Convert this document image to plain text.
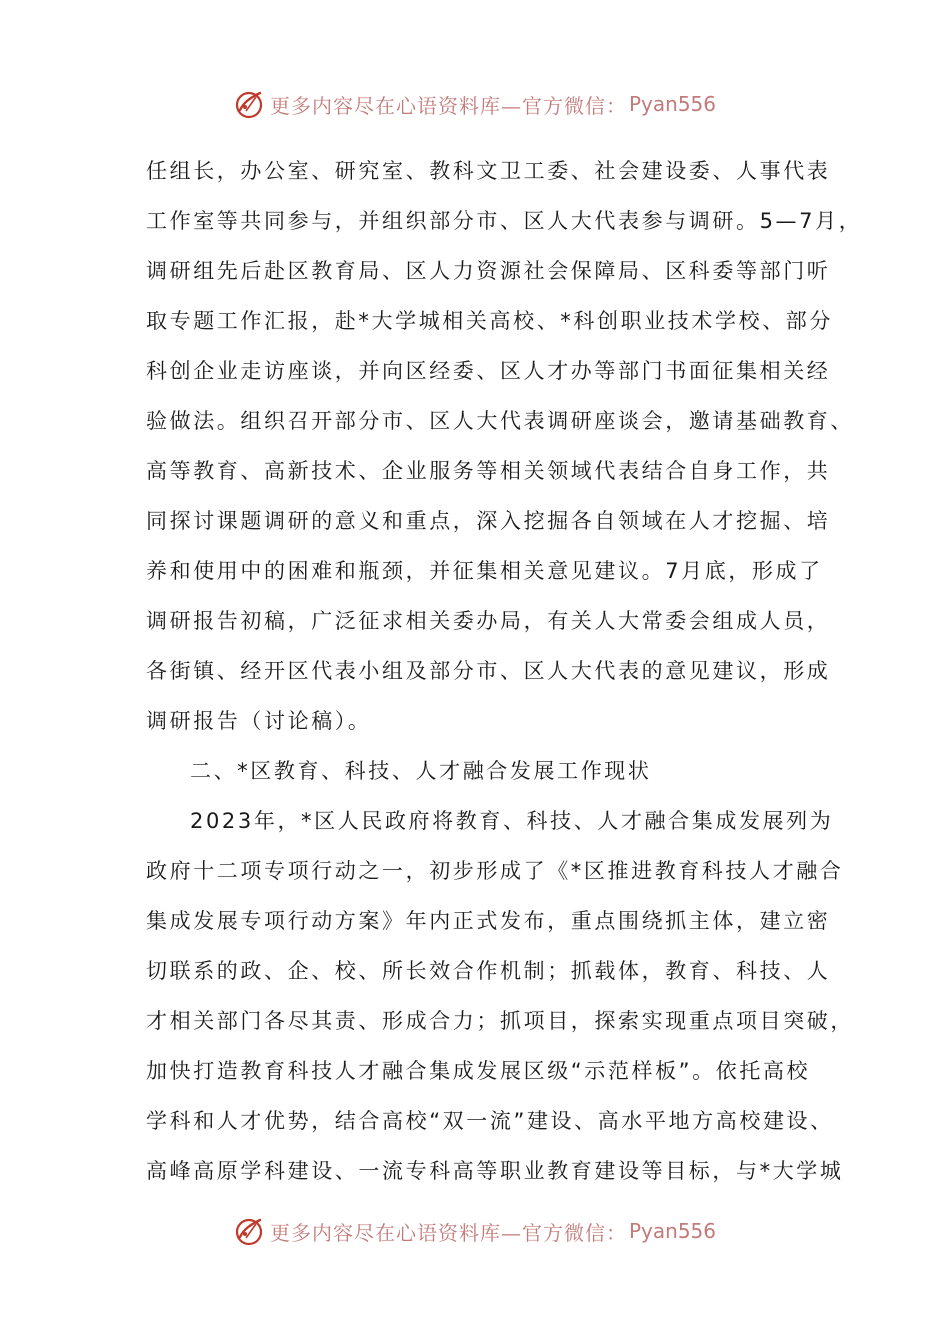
更多内容尽在心语资料库—官方微信： Pyan556
任组长，办公室、研究室、教科文卫工委、社会建设委、人事代表
工作室等共同参与，并组织部分市、区人大代表参与调研。5—7月，
调研组先后赴区教育局、区人力资源社会保障局、区科委等部门听
取专题工作汇报，赴*大学城相关高校、*科创职业技术学校、部分
科创企业走访座谈，并向区经委、区人才办等部门书面征集相关经
验做法。组织召开部分市、区人大代表调研座谈会，邀请基础教育、
高等教育、高新技术、企业服务等相关领域代表结合自身工作，共
同探讨课题调研的意义和重点，深入挖掘各自领域在人才挖掘、培
养和使用中的困难和瓶颈，并征集相关意见建议。7月底，形成了
调研报告初稿，广泛征求相关委办局，有关人大常委会组成人员，
各街镇、经开区代表小组及部分市、区人大代表的意见建议，形成
调研报告（讨论稿）。
二、*区教育、科技、人才融合发展工作现状
2023年，*区人民政府将教育、科技、人才融合集成发展列为
政府十二项专项行动之一，初步形成了《*区推进教育科技人才融合
集成发展专项行动方案》年内正式发布，重点围绕抓主体，建立密
切联系的政、企、校、所长效合作机制；抓载体，教育、科技、人
才相关部门各尽其责、形成合力；抓项目，探索实现重点项目突破，
加快打造教育科技人才融合集成发展区级“示范样板”。依托高校
学科和人才优势，结合高校“双一流”建设、高水平地方高校建设、
高峰高原学科建设、一流专科高等职业教育建设等目标，与*大学城
更多内容尽在心语资料库—官方微信： Pyan556
